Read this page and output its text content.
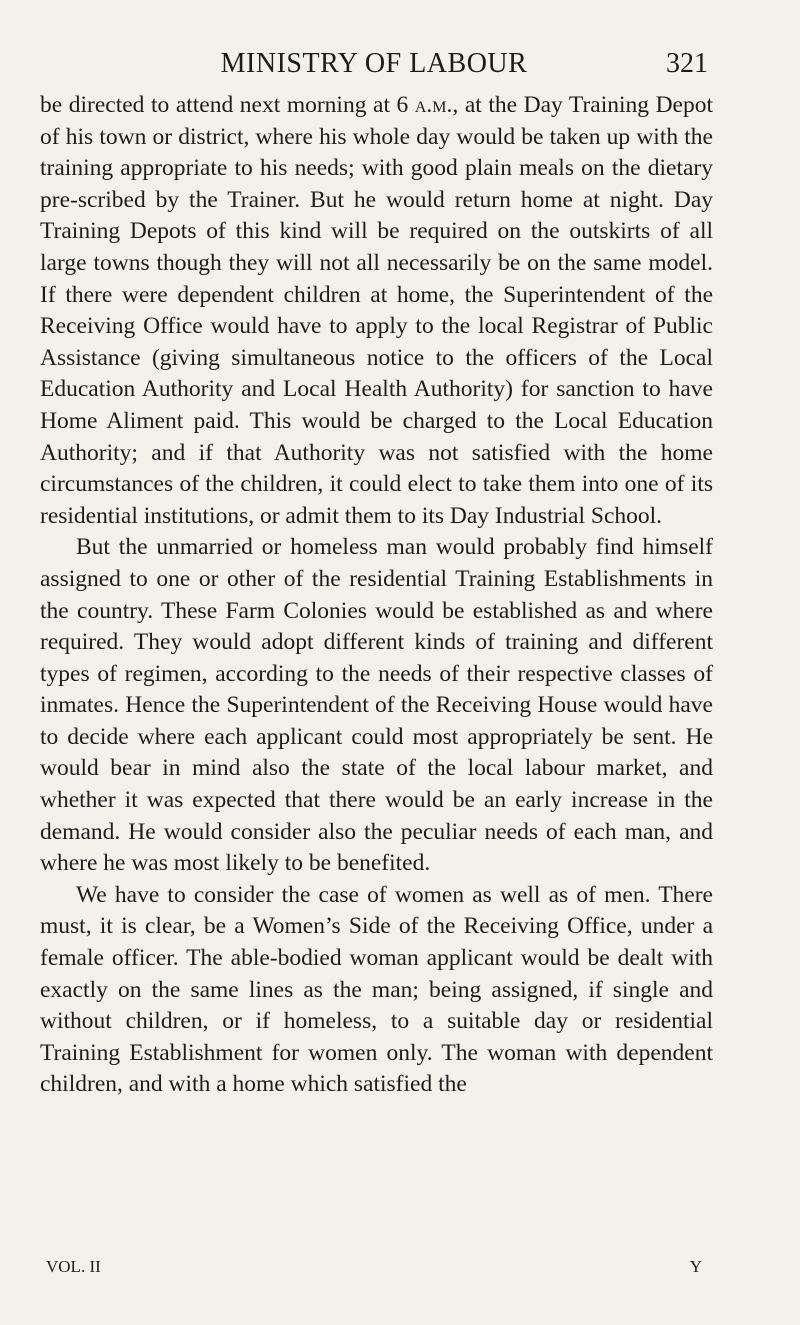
MINISTRY OF LABOUR	321

be directed to attend next morning at 6 a.m., at the Day Training Depot of his town or district, where his whole day would be taken up with the training appropriate to his needs; with good plain meals on the dietary pre-scribed by the Trainer. But he would return home at night. Day Training Depots of this kind will be required on the outskirts of all large towns though they will not all necessarily be on the same model. If there were dependent children at home, the Superintendent of the Receiving Office would have to apply to the local Registrar of Public Assistance (giving simultaneous notice to the officers of the Local Education Authority and Local Health Authority) for sanction to have Home Aliment paid. This would be charged to the Local Education Authority; and if that Authority was not satisfied with the home circumstances of the children, it could elect to take them into one of its residential institutions, or admit them to its Day Industrial School.

But the unmarried or homeless man would probably find himself assigned to one or other of the residential Training Establishments in the country. These Farm Colonies would be established as and where required. They would adopt different kinds of training and different types of regimen, according to the needs of their respective classes of inmates. Hence the Superintendent of the Receiving House would have to decide where each applicant could most appropriately be sent. He would bear in mind also the state of the local labour market, and whether it was expected that there would be an early increase in the demand. He would consider also the peculiar needs of each man, and where he was most likely to be benefited.

We have to consider the case of women as well as of men. There must, it is clear, be a Women’s Side of the Receiving Office, under a female officer. The able-bodied woman applicant would be dealt with exactly on the same lines as the man; being assigned, if single and without children, or if homeless, to a suitable day or residential Training Establishment for women only. The woman with dependent children, and with a home which satisfied the

VOL. II	Y
